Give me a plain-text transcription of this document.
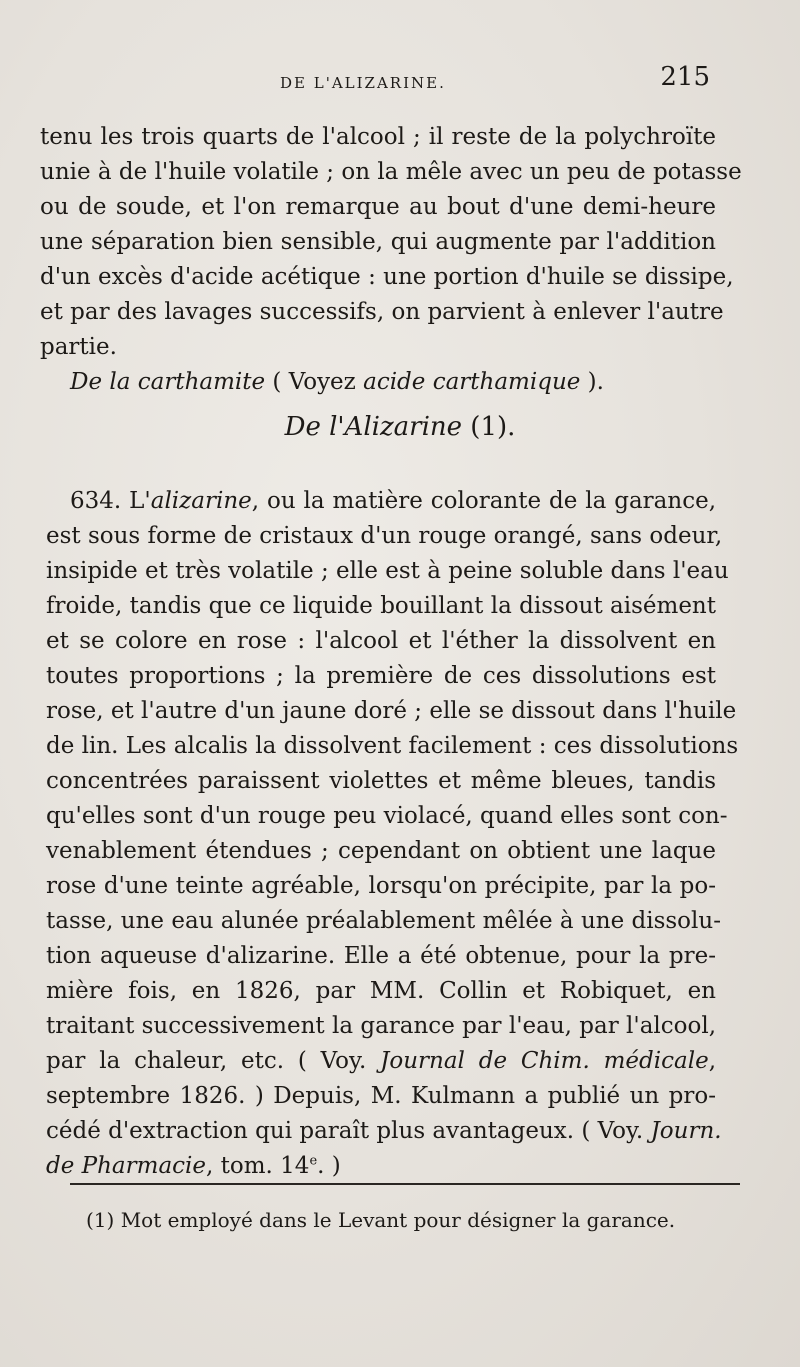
DE L'ALIZARINE.	215
tenu les trois quarts de l'alcool ; il reste de la polychroïte
unie à de l'huile volatile ; on la mêle avec un peu de potasse
ou de soude, et l'on remarque au bout d'une demi-heure
une séparation bien sensible, qui augmente par l'addition
d'un excès d'acide acétique : une portion d'huile se dissipe,
et par des lavages successifs, on parvient à enlever l'autre
partie.
De la carthamite ( Voyez acide carthamique ).
De l'Alizarine (1).
634. L'alizarine, ou la matière colorante de la garance,
est sous forme de cristaux d'un rouge orangé, sans odeur,
insipide et très volatile ; elle est à peine soluble dans l'eau
froide, tandis que ce liquide bouillant la dissout aisément
et se colore en rose : l'alcool et l'éther la dissolvent en
toutes proportions ; la première de ces dissolutions est
rose, et l'autre d'un jaune doré ; elle se dissout dans l'huile
de lin. Les alcalis la dissolvent facilement : ces dissolutions
concentrées paraissent violettes et même bleues, tandis
qu'elles sont d'un rouge peu violacé, quand elles sont con-
venablement étendues ; cependant on obtient une laque
rose d'une teinte agréable, lorsqu'on précipite, par la po-
tasse, une eau alunée préalablement mêlée à une dissolu-
tion aqueuse d'alizarine. Elle a été obtenue, pour la pre-
mière fois, en 1826, par MM. Collin et Robiquet, en
traitant successivement la garance par l'eau, par l'alcool,
par la chaleur, etc. ( Voy. Journal de Chim. médicale,
septembre 1826. ) Depuis, M. Kulmann a publié un pro-
cédé d'extraction qui paraît plus avantageux. ( Voy. Journ.
de Pharmacie, tom. 14e. )
(1) Mot employé dans le Levant pour désigner la garance.
